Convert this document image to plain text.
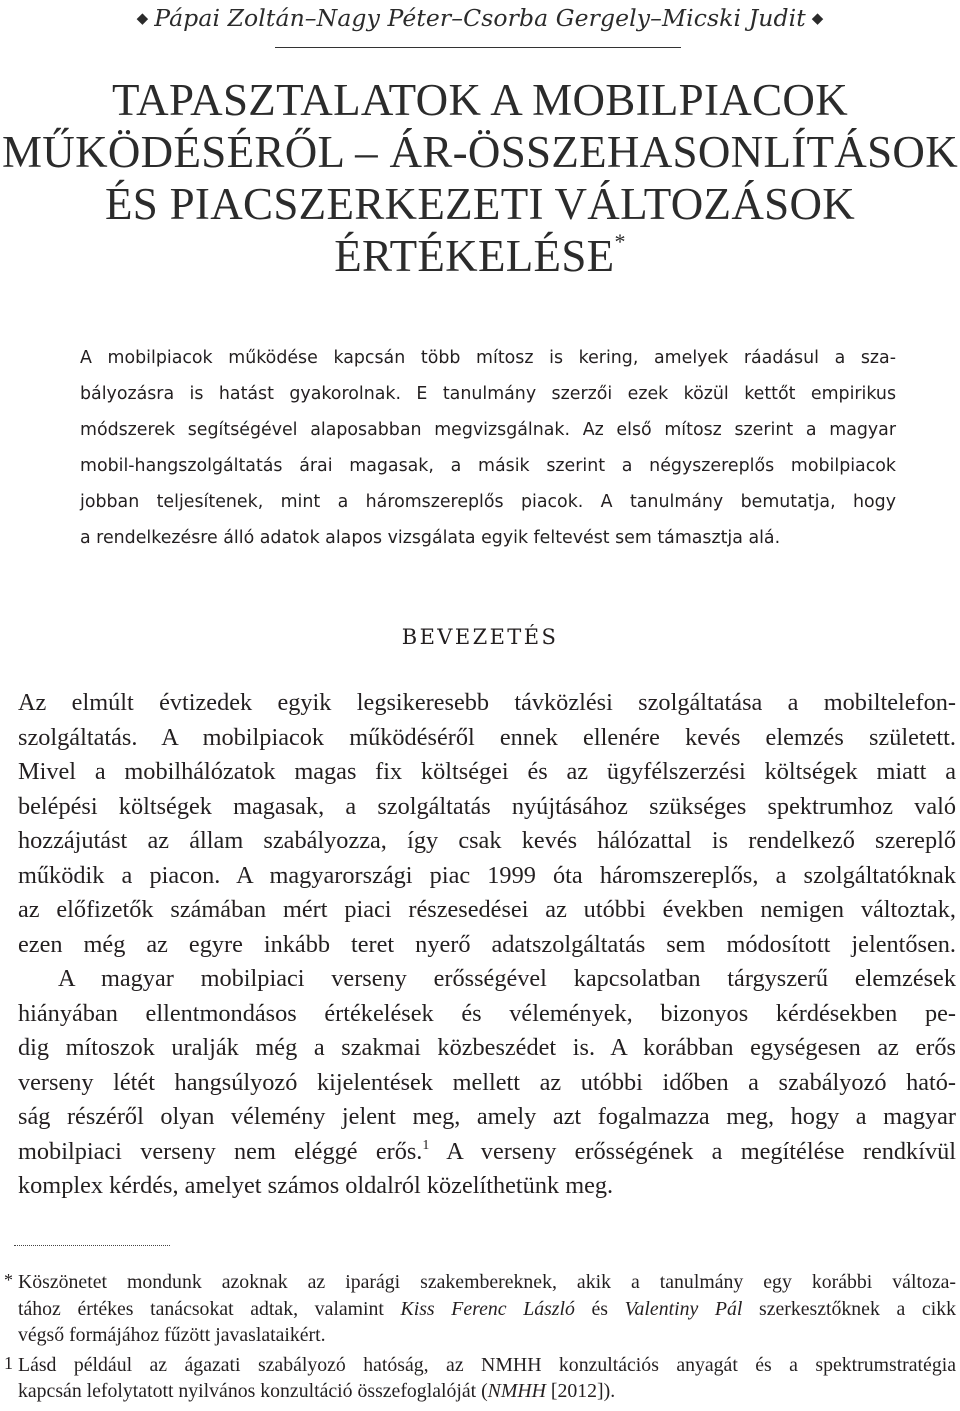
◆ Pápai Zoltán–Nagy Péter–Csorba Gergely–Micski Judit ◆
TAPASZTALATOK A MOBILPIACOK
MŰKÖDÉSÉRŐL – ÁR-ÖSSZEHASONLÍTÁSOK
ÉS PIACSZERKEZETI VÁLTOZÁSOK
ÉRTÉKELÉSE*
A mobilpiacok működése kapcsán több mítosz is kering, amelyek ráadásul a sza-
bályozásra is hatást gyakorolnak. E tanulmány szerzői ezek közül kettőt empirikus
módszerek segítségével alaposabban megvizsgálnak. Az első mítosz szerint a magyar
mobil-hangszolgáltatás árai magasak, a másik szerint a négyszereplős mobilpiacok
jobban teljesítenek, mint a háromszereplős piacok. A tanulmány bemutatja, hogy
a rendelkezésre álló adatok alapos vizsgálata egyik feltevést sem támasztja alá.
BEVEZETÉS
Az elmúlt évtizedek egyik legsikeresebb távközlési szolgáltatása a mobiltelefon-
szolgáltatás. A mobilpiacok működéséről ennek ellenére kevés elemzés született.
Mivel a mobilhálózatok magas fix költségei és az ügyfélszerzési költségek miatt a
belépési költségek magasak, a szolgáltatás nyújtásához szükséges spektrumhoz való
hozzájutást az állam szabályozza, így csak kevés hálózattal is rendelkező szereplő
működik a piacon. A magyarországi piac 1999 óta háromszereplős, a szolgáltatóknak
az előfizetők számában mért piaci részesedései az utóbbi években nemigen változtak,
ezen még az egyre inkább teret nyerő adatszolgáltatás sem módosított jelentősen.
A magyar mobilpiaci verseny erősségével kapcsolatban tárgyszerű elemzések
hiányában ellentmondásos értékelések és vélemények, bizonyos kérdésekben pe-
dig mítoszok uralják még a szakmai közbeszédet is. A korábban egységesen az erős
verseny létét hangsúlyozó kijelentések mellett az utóbbi időben a szabályozó ható-
ság részéről olyan vélemény jelent meg, amely azt fogalmazza meg, hogy a magyar
mobilpiaci verseny nem eléggé erős.$^1$ A verseny erősségének a megítélése rendkívül
komplex kérdés, amelyet számos oldalról közelíthetünk meg.
* Köszönetet mondunk azoknak az iparági szakembereknek, akik a tanulmány egy korábbi változa-
tához értékes tanácsokat adtak, valamint Kiss Ferenc László és Valentiny Pál szerkesztőknek a cikk
végső formájához fűzött javaslataikért.
1 Lásd például az ágazati szabályozó hatóság, az NMHH konzultációs anyagát és a spektrumstratégia
kapcsán lefolytatott nyilvános konzultáció összefoglalóját (NMHH [2012]).
